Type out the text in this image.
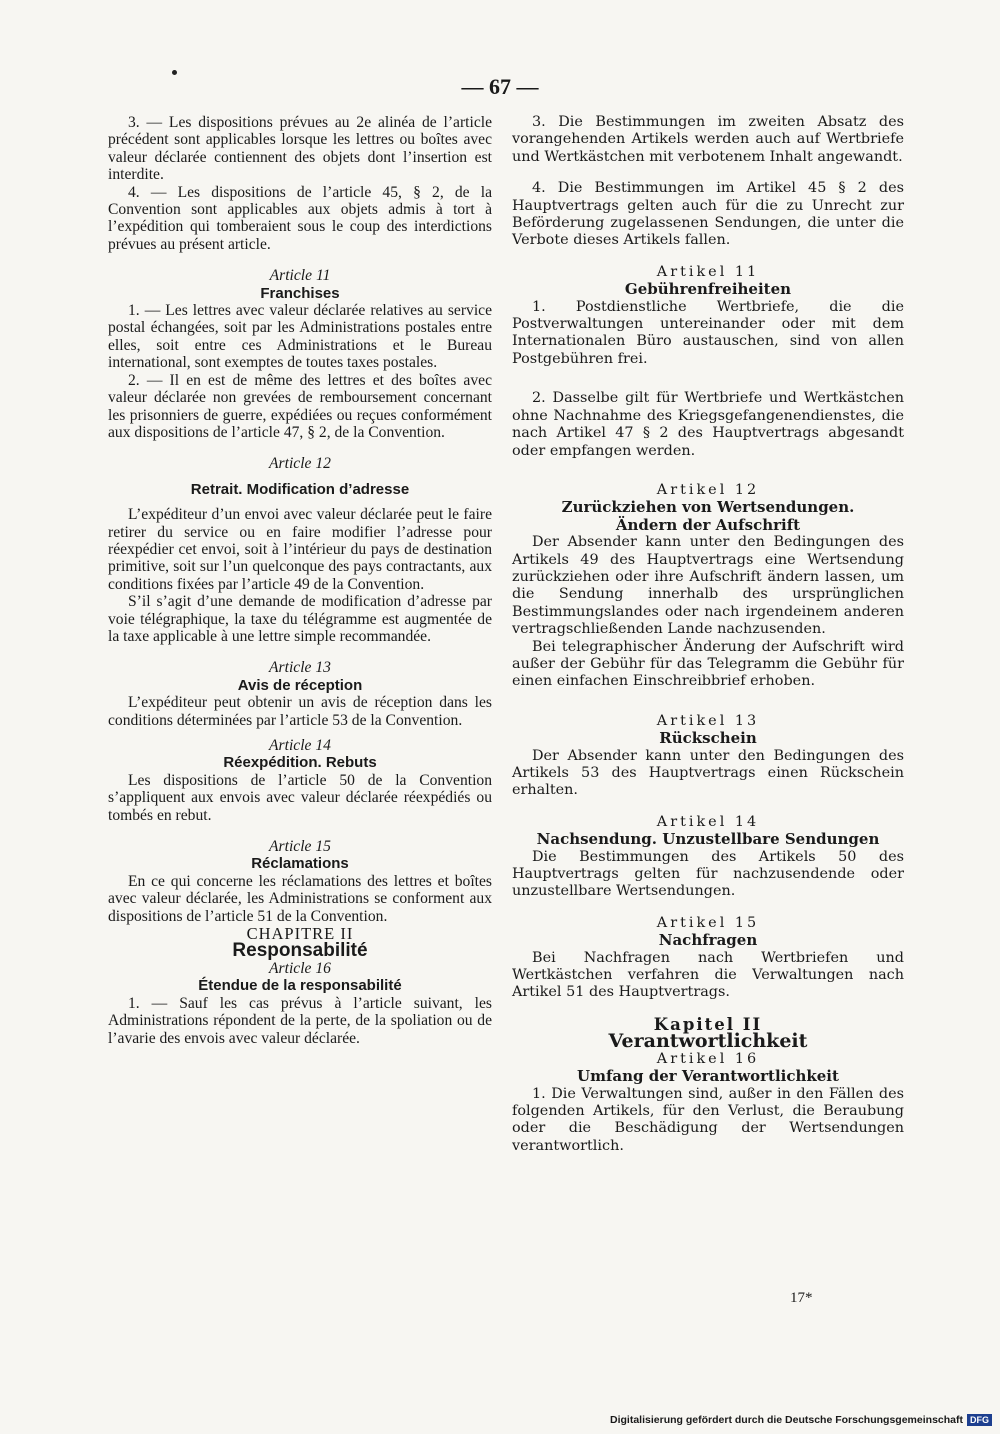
— 67 —

3. — Les dispositions prévues au 2e alinéa de l’article précédent sont applicables lorsque les lettres ou boîtes avec valeur déclarée contiennent des objets dont l’insertion est interdite.

4. — Les dispositions de l’article 45, § 2, de la Convention sont applicables aux objets admis à tort à l’expédition qui tomberaient sous le coup des interdictions prévues au présent article.

Article 11

Franchises

1. — Les lettres avec valeur déclarée relatives au service postal échangées, soit par les Administrations postales entre elles, soit entre ces Administrations et le Bureau international, sont exemptes de toutes taxes postales.

2. — Il en est de même des lettres et des boîtes avec valeur déclarée non grevées de remboursement concernant les prisonniers de guerre, expédiées ou reçues conformément aux dispositions de l’article 47, § 2, de la Convention.

Article 12

Retrait. Modification d’adresse

L’expéditeur d’un envoi avec valeur déclarée peut le faire retirer du service ou en faire modifier l’adresse pour réexpédier cet envoi, soit à l’intérieur du pays de destination primitive, soit sur l’un quelconque des pays contractants, aux conditions fixées par l’article 49 de la Convention.

S’il s’agit d’une demande de modification d’adresse par voie télégraphique, la taxe du télégramme est augmentée de la taxe applicable à une lettre simple recommandée.

Article 13

Avis de réception

L’expéditeur peut obtenir un avis de réception dans les conditions déterminées par l’article 53 de la Convention.

Article 14

Réexpédition. Rebuts

Les dispositions de l’article 50 de la Convention s’appliquent aux envois avec valeur déclarée réexpédiés ou tombés en rebut.

Article 15

Réclamations

En ce qui concerne les réclamations des lettres et boîtes avec valeur déclarée, les Administrations se conforment aux dispositions de l’article 51 de la Convention.

CHAPITRE II

Responsabilité

Article 16

Étendue de la responsabilité

1. — Sauf les cas prévus à l’article suivant, les Administrations répondent de la perte, de la spoliation ou de l’avarie des envois avec valeur déclarée.

3. Die Bestimmungen im zweiten Absatz des vorangehenden Artikels werden auch auf Wertbriefe und Wertkästchen mit verbotenem Inhalt angewandt.

4. Die Bestimmungen im Artikel 45 § 2 des Hauptvertrags gelten auch für die zu Unrecht zur Beförderung zugelassenen Sendungen, die unter die Verbote dieses Artikels fallen.

Artikel 11

Gebührenfreiheiten

1. Postdienstliche Wertbriefe, die die Postverwaltungen untereinander oder mit dem Internationalen Büro austauschen, sind von allen Postgebühren frei.

2. Dasselbe gilt für Wertbriefe und Wertkästchen ohne Nachnahme des Kriegsgefangenendienstes, die nach Artikel 47 § 2 des Hauptvertrags abgesandt oder empfangen werden.

Artikel 12

Zurückziehen von Wertsendungen.

Ändern der Aufschrift

Der Absender kann unter den Bedingungen des Artikels 49 des Hauptvertrags eine Wertsendung zurückziehen oder ihre Aufschrift ändern lassen, um die Sendung innerhalb des ursprünglichen Bestimmungslandes oder nach irgendeinem anderen vertragschließenden Lande nachzusenden.

Bei telegraphischer Änderung der Aufschrift wird außer der Gebühr für das Telegramm die Gebühr für einen einfachen Einschreibbrief erhoben.

Artikel 13

Rückschein

Der Absender kann unter den Bedingungen des Artikels 53 des Hauptvertrags einen Rückschein erhalten.

Artikel 14

Nachsendung. Unzustellbare Sendungen

Die Bestimmungen des Artikels 50 des Hauptvertrags gelten für nachzusendende oder unzustellbare Wertsendungen.

Artikel 15

Nachfragen

Bei Nachfragen nach Wertbriefen und Wertkästchen verfahren die Verwaltungen nach Artikel 51 des Hauptvertrags.

Kapitel II

Verantwortlichkeit

Artikel 16

Umfang der Verantwortlichkeit

1. Die Verwaltungen sind, außer in den Fällen des folgenden Artikels, für den Verlust, die Beraubung oder die Beschädigung der Wertsendungen verantwortlich.

17*
Digitalisierung gefördert durch die Deutsche Forschungsgemeinschaft DFG
